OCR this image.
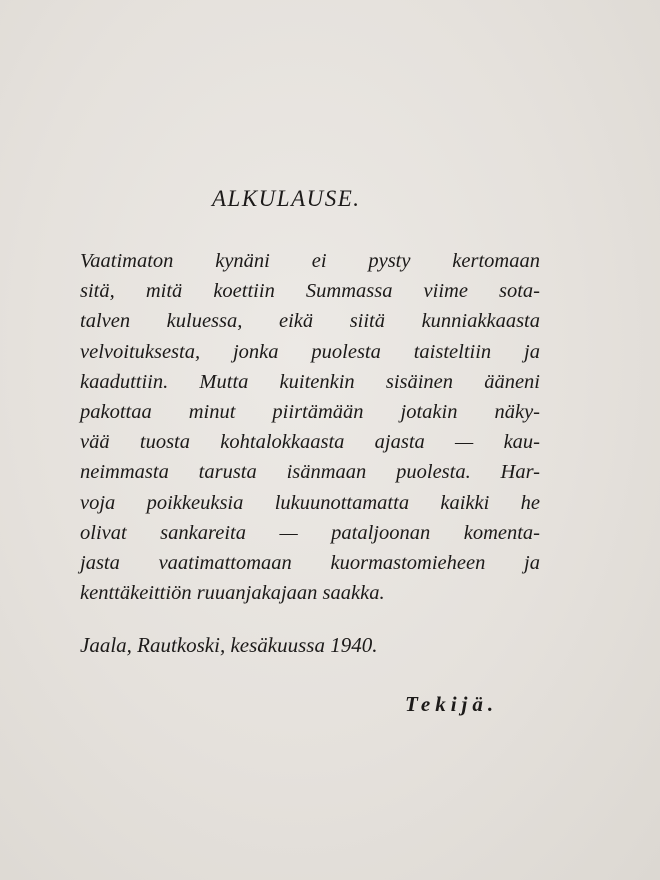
ALKULAUSE.

Vaatimaton kynäni ei pysty kertomaan
sitä, mitä koettiin Summassa viime sota-
talven kuluessa, eikä siitä kunniakkaasta
velvoituksesta, jonka puolesta taisteltiin ja
kaaduttiin. Mutta kuitenkin sisäinen ääneni
pakottaa minut piirtämään jotakin näky-
vää tuosta kohtalokkaasta ajasta — kau-
neimmasta tarusta isänmaan puolesta. Har-
voja poikkeuksia lukuunottamatta kaikki he
olivat sankareita — pataljoonan komenta-
jasta vaatimattomaan kuormastomieheen ja
kenttäkeittiön ruuanjakajaan saakka.

Jaala, Rautkoski, kesäkuussa 1940.
Tekijä.
